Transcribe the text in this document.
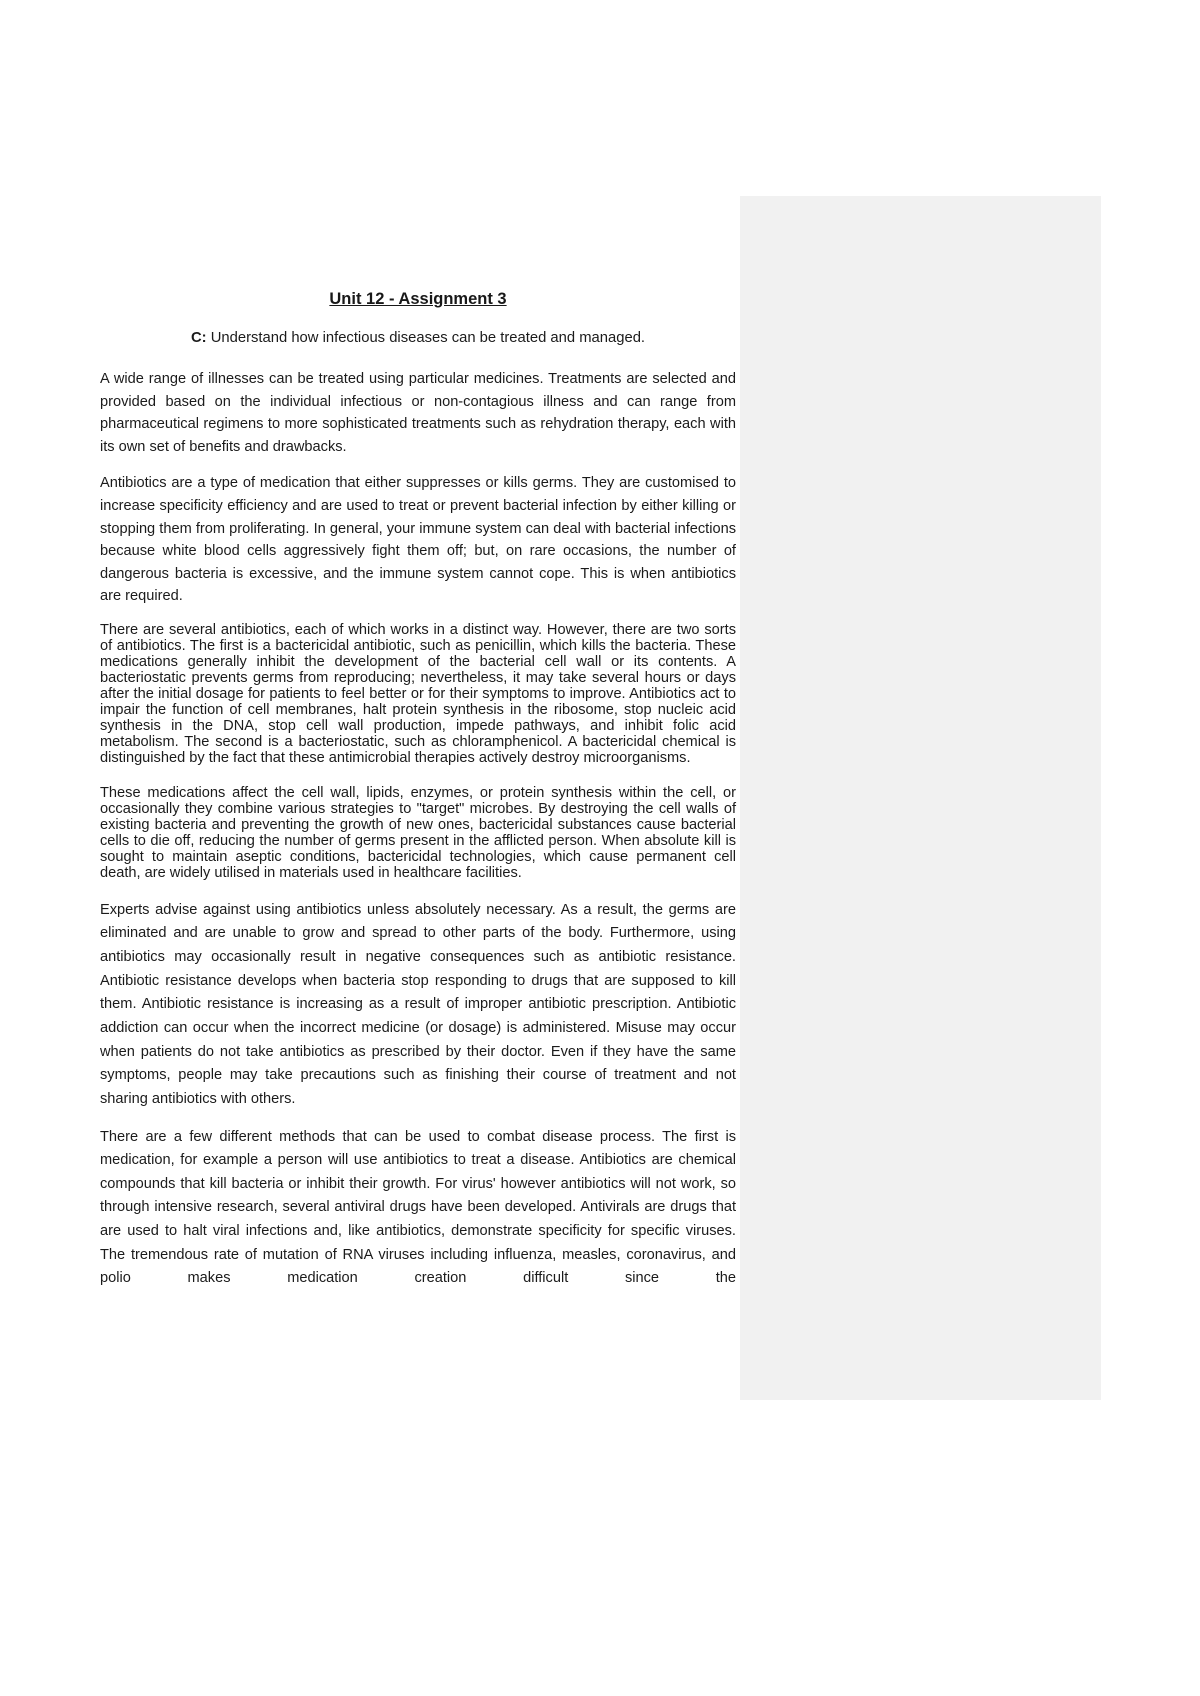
Unit 12 - Assignment 3
C: Understand how infectious diseases can be treated and managed.

A wide range of illnesses can be treated using particular medicines. Treatments are selected and provided based on the individual infectious or non-contagious illness and can range from pharmaceutical regimens to more sophisticated treatments such as rehydration therapy, each with its own set of benefits and drawbacks.

Antibiotics are a type of medication that either suppresses or kills germs. They are customised to increase specificity efficiency and are used to treat or prevent bacterial infection by either killing or stopping them from proliferating. In general, your immune system can deal with bacterial infections because white blood cells aggressively fight them off; but, on rare occasions, the number of dangerous bacteria is excessive, and the immune system cannot cope. This is when antibiotics are required.

There are several antibiotics, each of which works in a distinct way. However, there are two sorts of antibiotics. The first is a bactericidal antibiotic, such as penicillin, which kills the bacteria. These medications generally inhibit the development of the bacterial cell wall or its contents. A bacteriostatic prevents germs from reproducing; nevertheless, it may take several hours or days after the initial dosage for patients to feel better or for their symptoms to improve. Antibiotics act to impair the function of cell membranes, halt protein synthesis in the ribosome, stop nucleic acid synthesis in the DNA, stop cell wall production, impede pathways, and inhibit folic acid metabolism. The second is a bacteriostatic, such as chloramphenicol. A bactericidal chemical is distinguished by the fact that these antimicrobial therapies actively destroy microorganisms.

These medications affect the cell wall, lipids, enzymes, or protein synthesis within the cell, or occasionally they combine various strategies to "target" microbes. By destroying the cell walls of existing bacteria and preventing the growth of new ones, bactericidal substances cause bacterial cells to die off, reducing the number of germs present in the afflicted person. When absolute kill is sought to maintain aseptic conditions, bactericidal technologies, which cause permanent cell death, are widely utilised in materials used in healthcare facilities.

Experts advise against using antibiotics unless absolutely necessary. As a result, the germs are eliminated and are unable to grow and spread to other parts of the body. Furthermore, using antibiotics may occasionally result in negative consequences such as antibiotic resistance. Antibiotic resistance develops when bacteria stop responding to drugs that are supposed to kill them. Antibiotic resistance is increasing as a result of improper antibiotic prescription. Antibiotic addiction can occur when the incorrect medicine (or dosage) is administered. Misuse may occur when patients do not take antibiotics as prescribed by their doctor. Even if they have the same symptoms, people may take precautions such as finishing their course of treatment and not sharing antibiotics with others.

There are a few different methods that can be used to combat disease process. The first is medication, for example a person will use antibiotics to treat a disease. Antibiotics are chemical compounds that kill bacteria or inhibit their growth. For virus' however antibiotics will not work, so through intensive research, several antiviral drugs have been developed. Antivirals are drugs that are used to halt viral infections and, like antibiotics, demonstrate specificity for specific viruses. The tremendous rate of mutation of RNA viruses including influenza, measles, coronavirus, and polio makes medication creation difficult since the
